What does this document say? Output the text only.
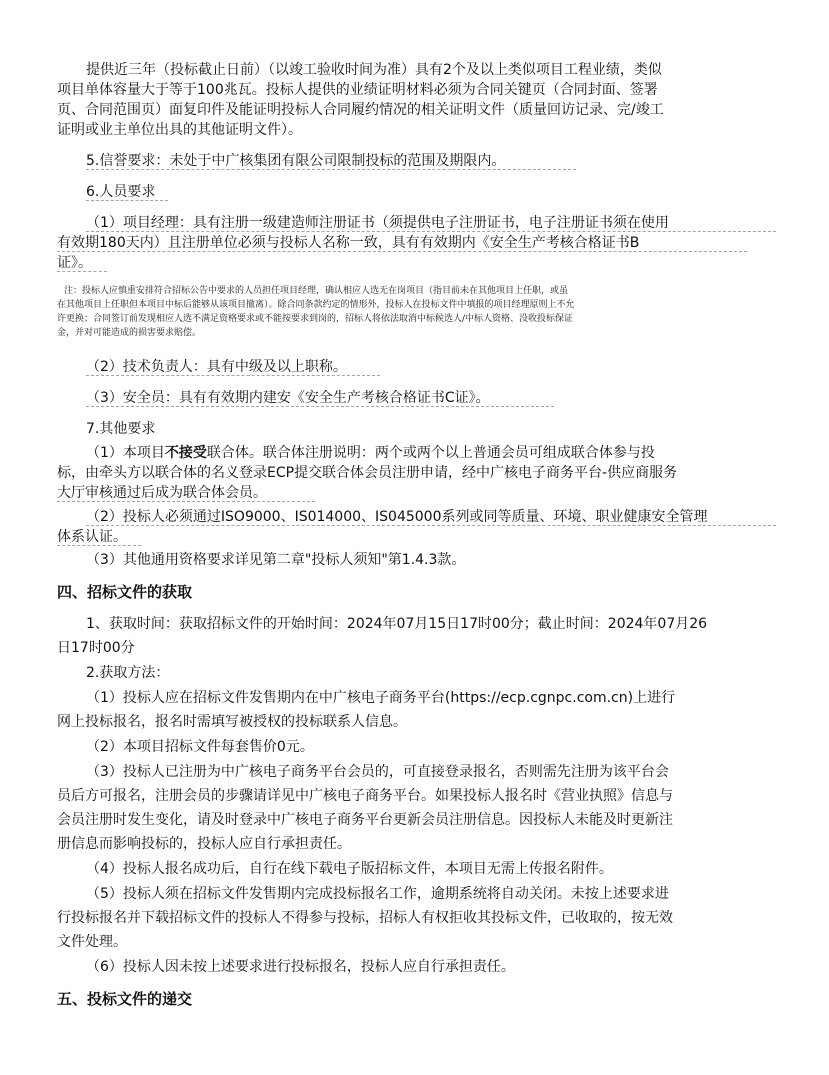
提供近三年（投标截止日前）（以竣工验收时间为准）具有2个及以上类似项目工程业绩，类似
项目单体容量大于等于100兆瓦。投标人提供的业绩证明材料必须为合同关键页（合同封面、签署
页、合同范围页）面复印件及能证明投标人合同履约情况的相关证明文件（质量回访记录、完/竣工
证明或业主单位出具的其他证明文件）。
5.信誉要求：未处于中广核集团有限公司限制投标的范围及期限内。
6.人员要求
（1）项目经理：具有注册一级建造师注册证书（须提供电子注册证书，电子注册证书须在使用
有效期180天内）且注册单位必须与投标人名称一致，具有有效期内《安全生产考核合格证书B
证》。
注：投标人应慎重安排符合招标公告中要求的人员担任项目经理，确认相应人选无在岗项目（指目前未在其他项目上任职，或虽
在其他项目上任职但本项目中标后能够从该项目撤离）。除合同条款约定的情形外，投标人在投标文件中填报的项目经理原则上不允
许更换；合同签订前发现相应人选不满足资格要求或不能按要求到岗的，招标人将依法取消中标候选人/中标人资格、没收投标保证
金，并对可能造成的损害要求赔偿。
（2）技术负责人：具有中级及以上职称。
（3）安全员：具有有效期内建安《安全生产考核合格证书C证》。
7.其他要求
（1）本项目不接受联合体。联合体注册说明：两个或两个以上普通会员可组成联合体参与投
标，由牵头方以联合体的名义登录ECP提交联合体会员注册申请，经中广核电子商务平台-供应商服务
大厅审核通过后成为联合体会员。
（2）投标人必须通过ISO9000、IS014000、IS045000系列或同等质量、环境、职业健康安全管理
体系认证。
（3）其他通用资格要求详见第二章"投标人须知"第1.4.3款。
四、招标文件的获取
1、获取时间：获取招标文件的开始时间：2024年07月15日17时00分；截止时间：2024年07月26
日17时00分
2.获取方法：
（1）投标人应在招标文件发售期内在中广核电子商务平台(https://ecp.cgnpc.com.cn)上进行
网上投标报名，报名时需填写被授权的投标联系人信息。
（2）本项目招标文件每套售价0元。
（3）投标人已注册为中广核电子商务平台会员的，可直接登录报名，否则需先注册为该平台会
员后方可报名，注册会员的步骤请详见中广核电子商务平台。如果投标人报名时《营业执照》信息与
会员注册时发生变化，请及时登录中广核电子商务平台更新会员注册信息。因投标人未能及时更新注
册信息而影响投标的，投标人应自行承担责任。
（4）投标人报名成功后，自行在线下载电子版招标文件，本项目无需上传报名附件。
（5）投标人须在招标文件发售期内完成投标报名工作，逾期系统将自动关闭。未按上述要求进
行投标报名并下载招标文件的投标人不得参与投标，招标人有权拒收其投标文件，已收取的，按无效
文件处理。
（6）投标人因未按上述要求进行投标报名，投标人应自行承担责任。
五、投标文件的递交
